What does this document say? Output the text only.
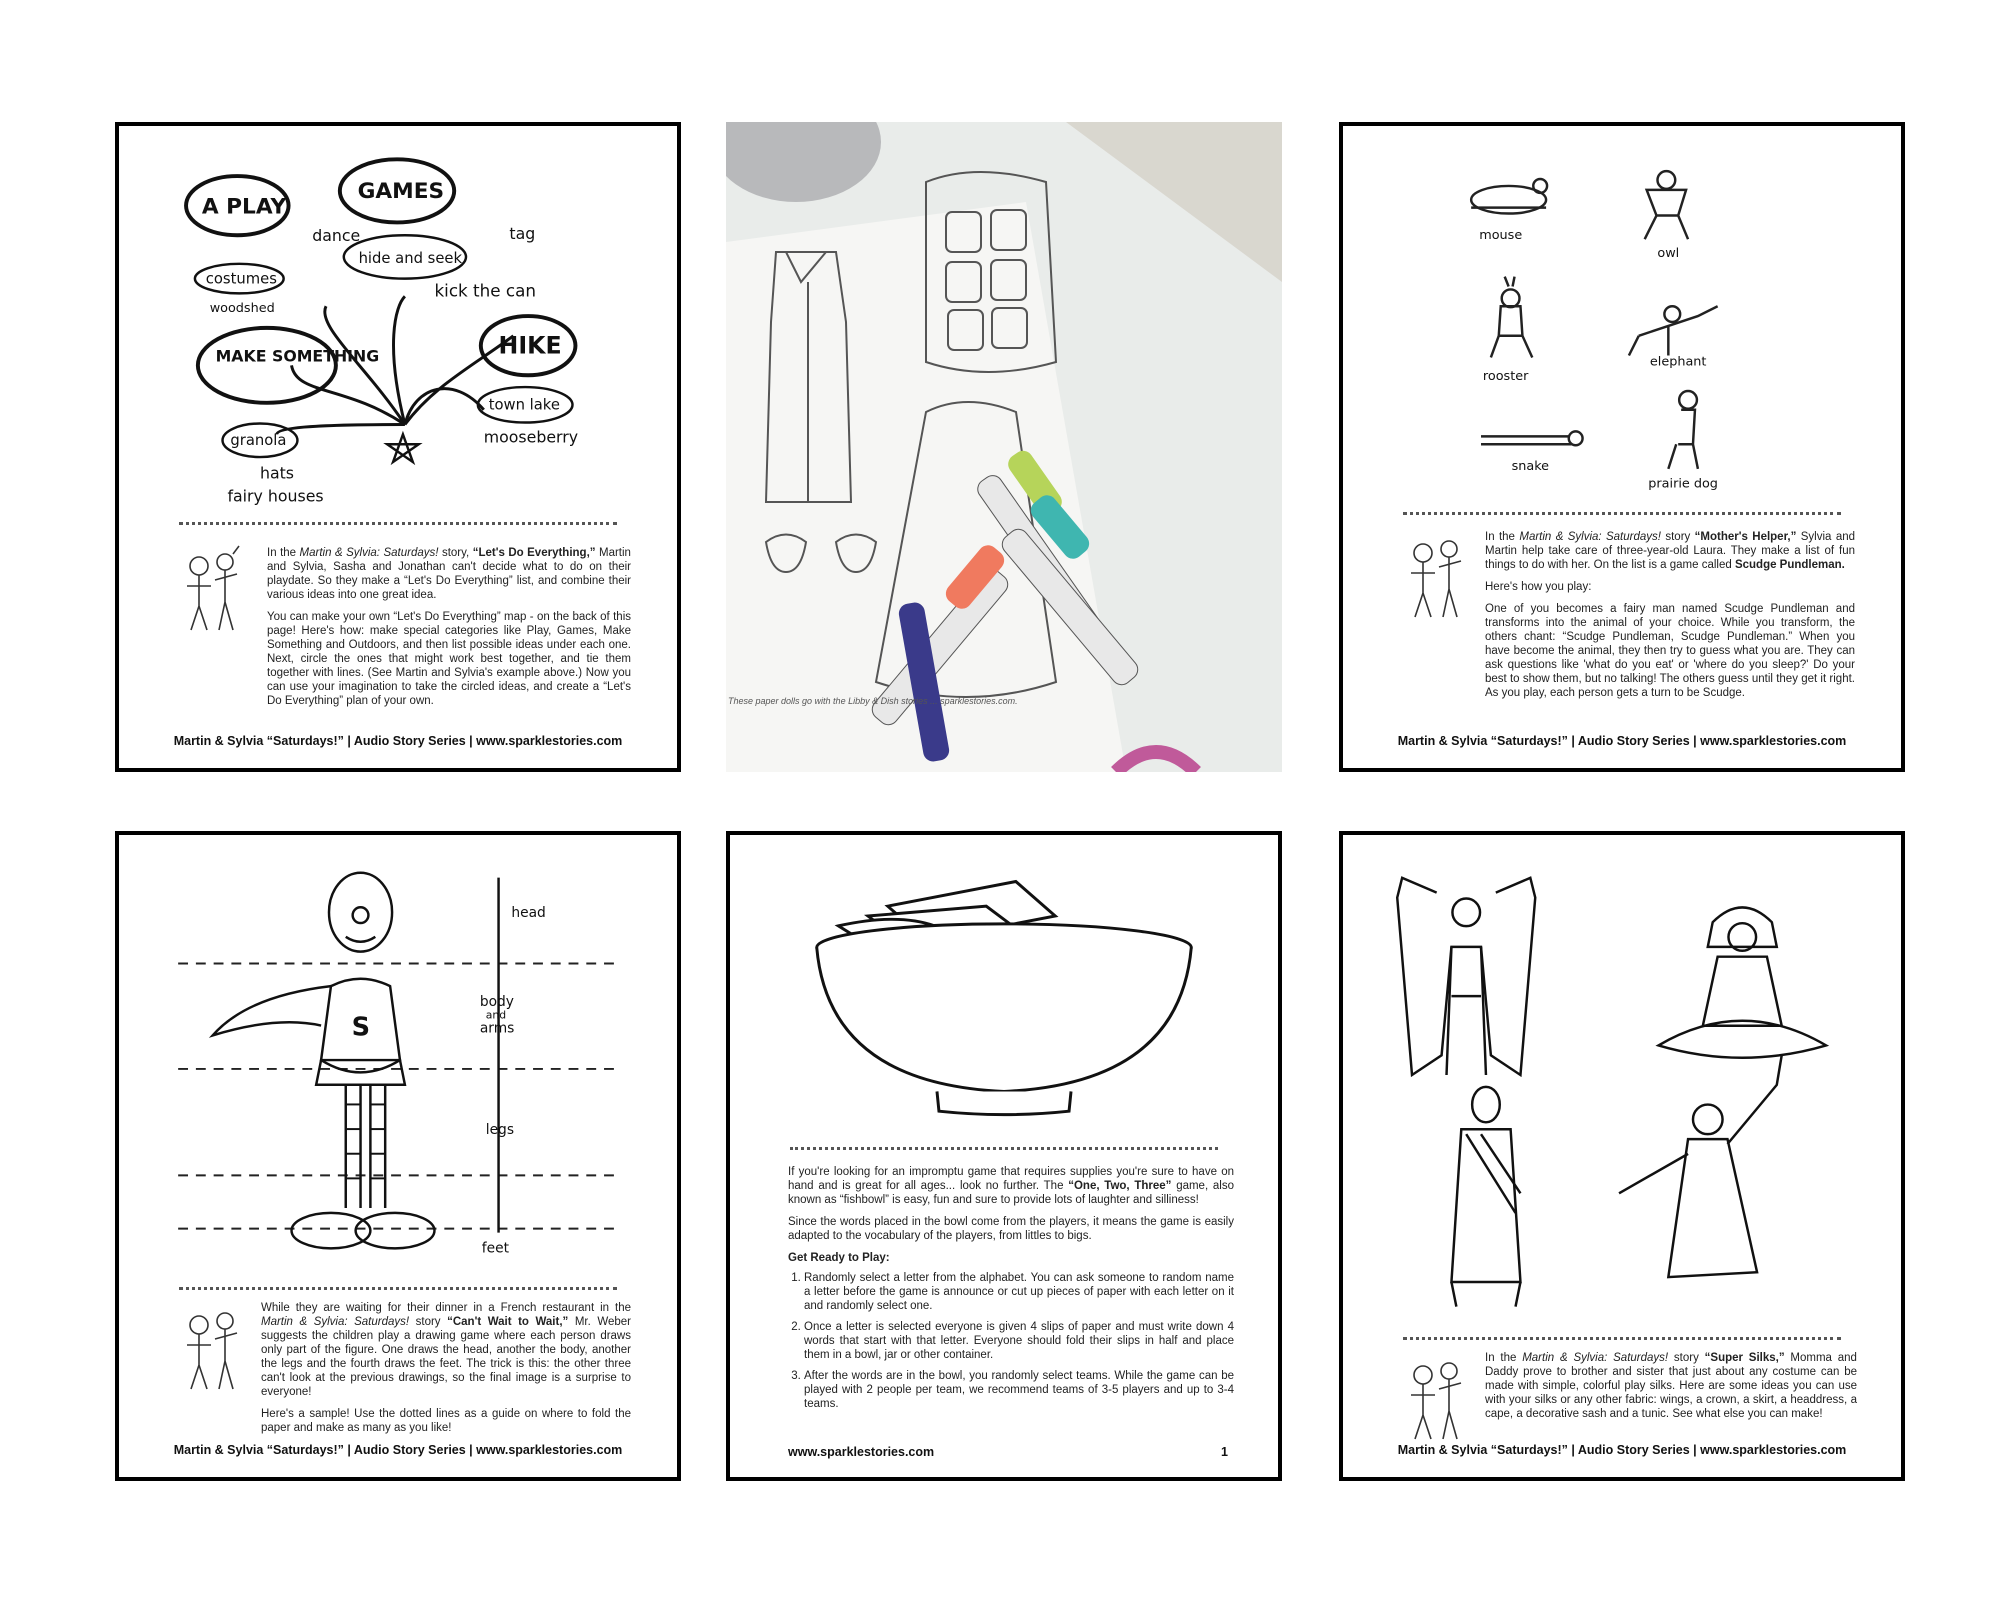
A PLAY
GAMES
MAKE SOMETHING	HIKE
costumes
hide and seek
granola
town lake
dance	tag
woodshed
kick the can
hats
fairy houses
mooseberry

In the Martin & Sylvia: Saturdays! story, “Let's Do Everything,” Martin and Sylvia, Sasha and Jonathan can't decide what to do on their playdate. So they make a “Let's Do Everything” list, and combine their various ideas into one great idea.

You can make your own “Let's Do Everything” map - on the back of this page! Here's how: make special categories like Play, Games, Make Something and Outdoors, and then list possible ideas under each one. Next, circle the ones that might work best together, and tie them together with lines. (See Martin and Sylvia's example above.) Now you can use your imagination to take the circled ideas, and create a “Let's Do Everything” plan of your own.

Martin & Sylvia “Saturdays!” | Audio Story Series | www.sparklestories.com
These paper dolls go with the Libby & Dish stories ... sparklestories.com.
mouse
owl
rooster
elephant
snake
prairie dog

In the Martin & Sylvia: Saturdays! story “Mother's Helper,” Sylvia and Martin help take care of three-year-old Laura. They make a list of fun things to do with her. On the list is a game called Scudge Pundleman.

Here's how you play:

One of you becomes a fairy man named Scudge Pundleman and transforms into the animal of your choice. While you transform, the others chant: “Scudge Pundleman, Scudge Pundleman.” When you have become the animal, they then try to guess what you are. They can ask questions like 'what do you eat' or 'where do you sleep?' Do your best to show them, but no talking! The others guess until they get it right. As you play, each person gets a turn to be Scudge.

Martin & Sylvia “Saturdays!” | Audio Story Series | www.sparklestories.com
S
head
body
and
arms
legs
feet

While they are waiting for their dinner in a French restaurant in the Martin & Sylvia: Saturdays! story “Can't Wait to Wait,” Mr. Weber suggests the children play a drawing game where each person draws only part of the figure. One draws the head, another the body, another the legs and the fourth draws the feet. The trick is this: the other three can't look at the previous drawings, so the final image is a surprise to everyone!

Here's a sample! Use the dotted lines as a guide on where to fold the paper and make as many as you like!

Martin & Sylvia “Saturdays!” | Audio Story Series | www.sparklestories.com

If you're looking for an impromptu game that requires supplies you're sure to have on hand and is great for all ages... look no further. The “One, Two, Three” game, also known as “fishbowl” is easy, fun and sure to provide lots of laughter and silliness!

Since the words placed in the bowl come from the players, it means the game is easily adapted to the vocabulary of the players, from littles to bigs.

Get Ready to Play:

1. Randomly select a letter from the alphabet. You can ask someone to random name a letter before the game is announce or cut up pieces of paper with each letter on it and randomly select one.
2. Once a letter is selected everyone is given 4 slips of paper and must write down 4 words that start with that letter. Everyone should fold their slips in half and place them in a bowl, jar or other container.
3. After the words are in the bowl, you randomly select teams. While the game can be played with 2 people per team, we recommend teams of 3-5 players and up to 3-4 teams.
www.sparklestories.com	1

In the Martin & Sylvia: Saturdays! story “Super Silks,” Momma and Daddy prove to brother and sister that just about any costume can be made with simple, colorful play silks. Here are some ideas you can use with your silks or any other fabric: wings, a crown, a skirt, a headdress, a cape, a decorative sash and a tunic. See what else you can make!

Martin & Sylvia “Saturdays!” | Audio Story Series | www.sparklestories.com
